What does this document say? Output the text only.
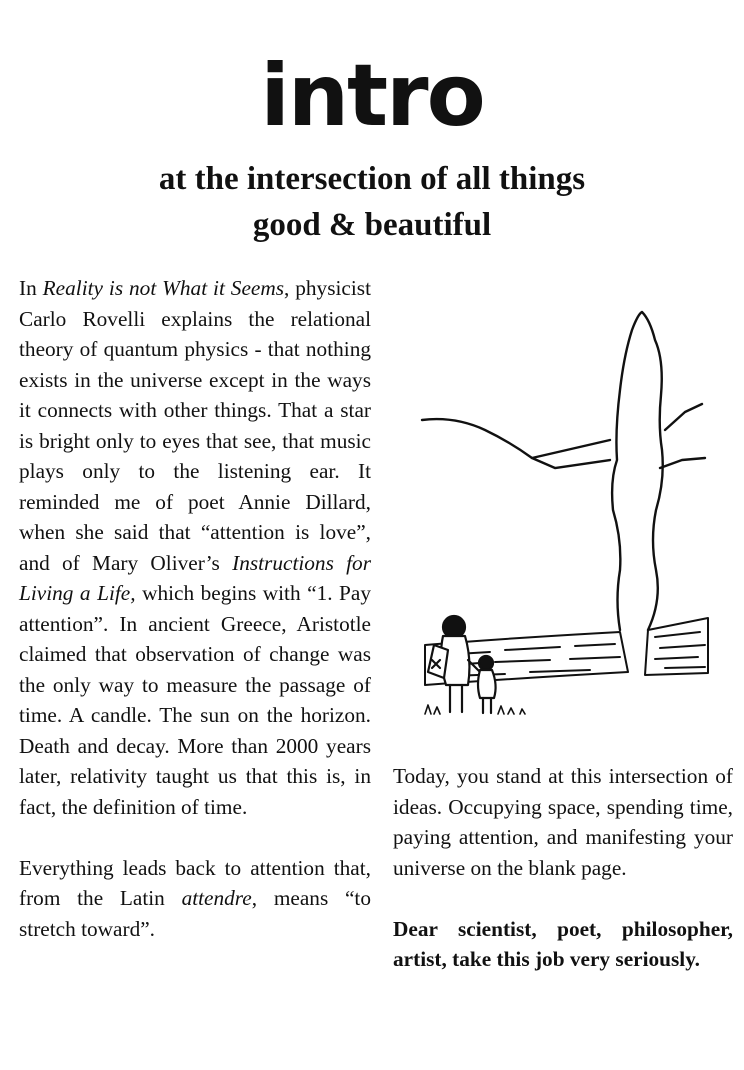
intro
at the intersection of all things
good & beautiful

In Reality is not What it Seems, physicist Carlo Rovelli explains the relational theory of quantum physics - that nothing exists in the universe except in the ways it connects with other things. That a star is bright only to eyes that see, that music plays only to the listening ear. It reminded me of poet Annie Dillard, when she said that “attention is love”, and of Mary Oliver’s Instructions for Living a Life, which begins with “1. Pay attention”. In ancient Greece, Aristotle claimed that observation of change was the only way to measure the passage of time. A candle. The sun on the horizon. Death and decay. More than 2000 years later, relativity taught us that this is, in fact, the definition of time.

Everything leads back to attention that, from the Latin attendre, means “to stretch toward”.

Today, you stand at this intersection of ideas. Occupying space, spending time, paying attention, and manifesting your universe on the blank page.

Dear scientist, poet, philosopher, artist, take this job very seriously.
